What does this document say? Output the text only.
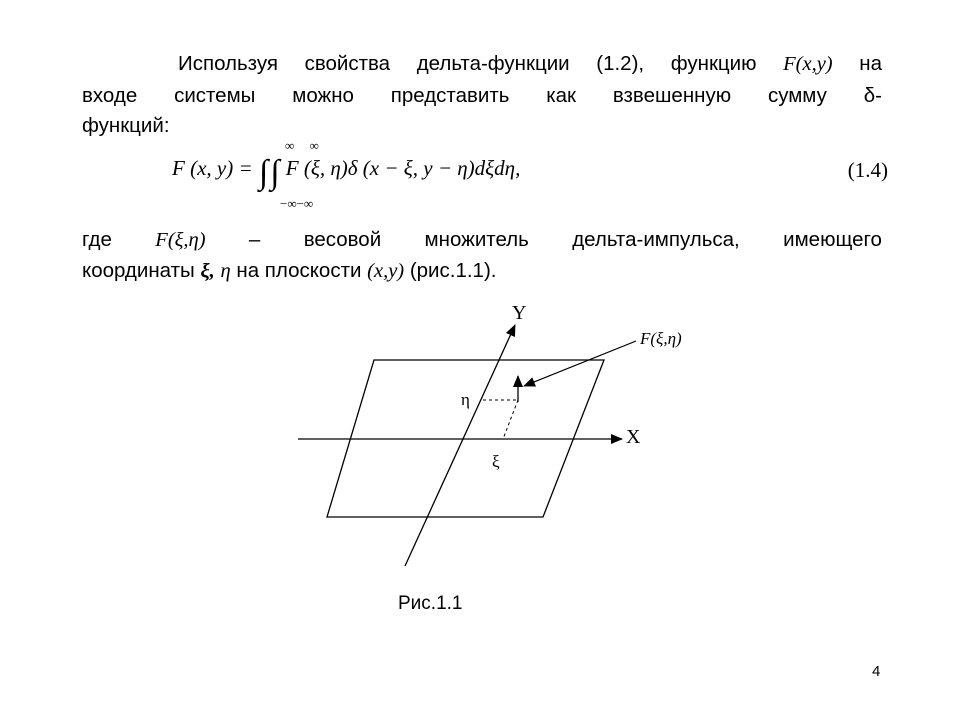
Используя свойства дельта-функции (1.2), функцию F(x,y) на
входе системы можно представить как взвешенную сумму δ-
функций:
∞ ∞
F (x, y) = ∫∫ F (ξ, η)δ (x − ξ, y − η)dξdη,
−∞−∞
(1.4)
где F(ξ,η) – весовой множитель дельта-импульса, имеющего
координаты ξ, η на плоскости (x,y) (рис.1.1).
Y
X
F(ξ,η)
η
ξ
Рис.1.1
4
